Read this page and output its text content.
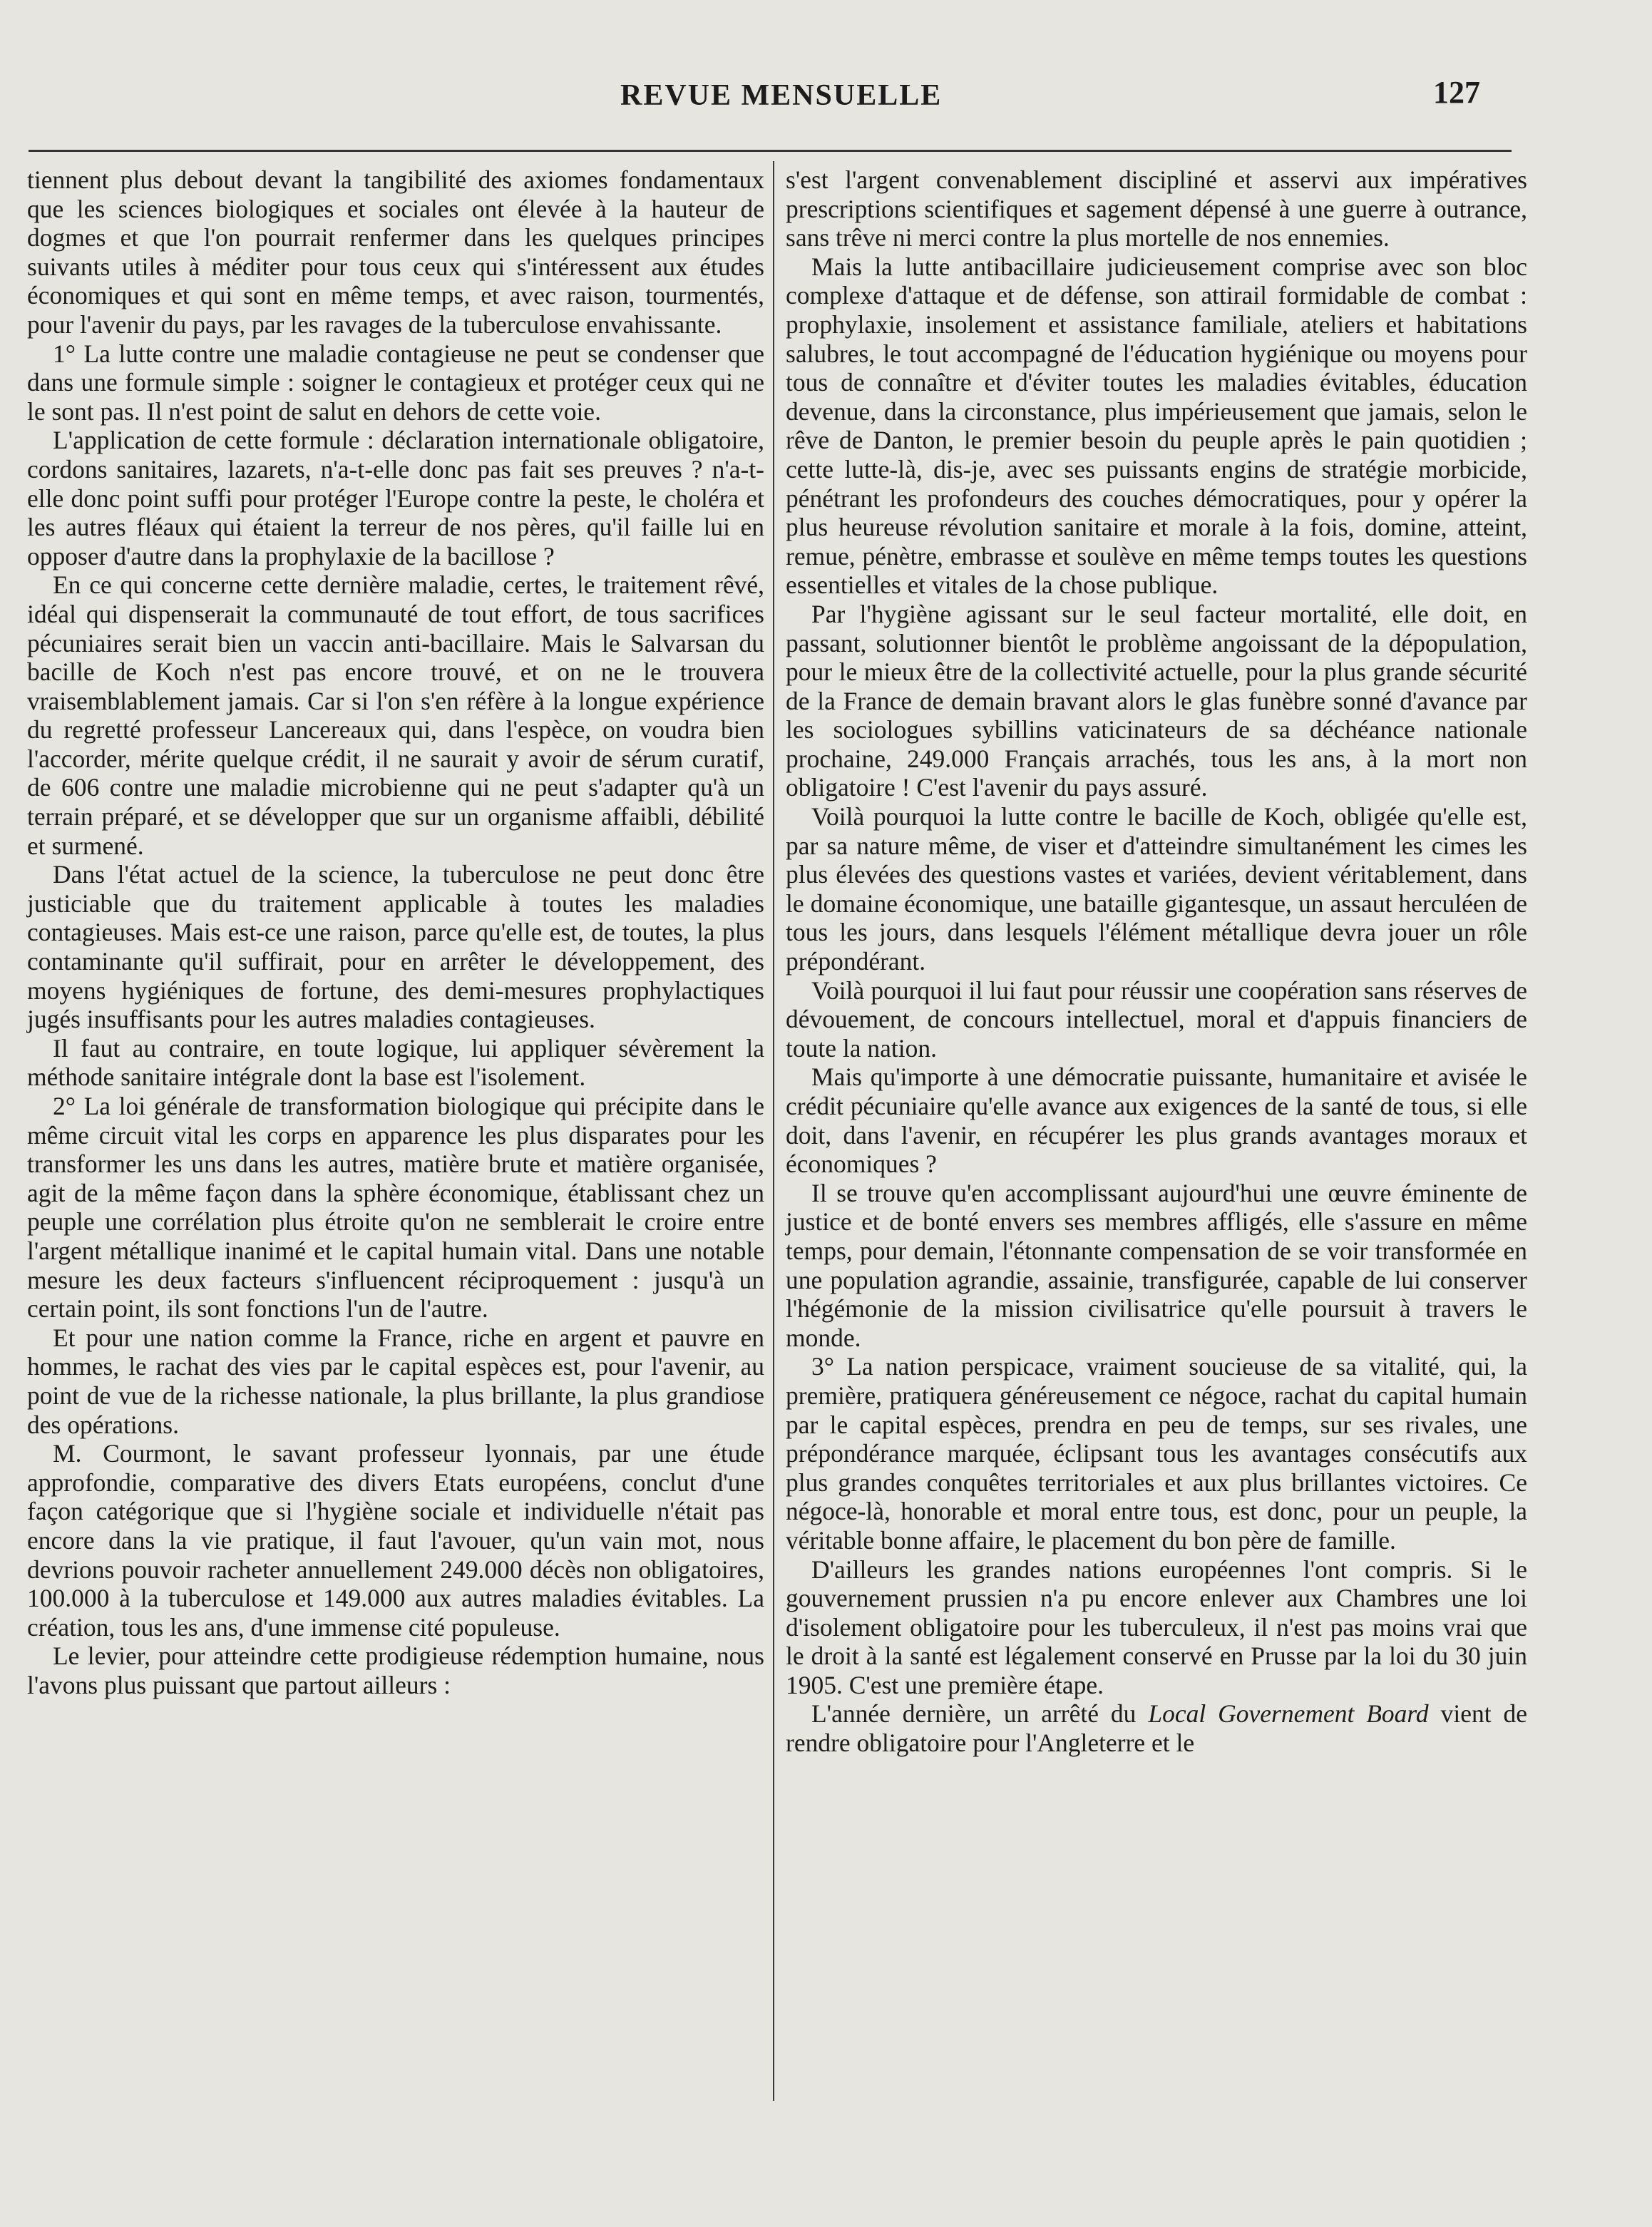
REVUE MENSUELLE	127

tiennent plus debout devant la tangibilité des axiomes fondamentaux que les sciences biologiques et sociales ont élevée à la hauteur de dogmes et que l'on pourrait renfermer dans les quelques principes suivants utiles à méditer pour tous ceux qui s'intéressent aux études économiques et qui sont en même temps, et avec raison, tourmentés, pour l'avenir du pays, par les ravages de la tuberculose envahissante.

1° La lutte contre une maladie contagieuse ne peut se condenser que dans une formule simple : soigner le contagieux et protéger ceux qui ne le sont pas. Il n'est point de salut en dehors de cette voie.

L'application de cette formule : déclaration internationale obligatoire, cordons sanitaires, lazarets, n'a-t-elle donc pas fait ses preuves ? n'a-t-elle donc point suffi pour protéger l'Europe contre la peste, le choléra et les autres fléaux qui étaient la terreur de nos pères, qu'il faille lui en opposer d'autre dans la prophylaxie de la bacillose ?

En ce qui concerne cette dernière maladie, certes, le traitement rêvé, idéal qui dispenserait la communauté de tout effort, de tous sacrifices pécuniaires serait bien un vaccin anti-bacillaire. Mais le Salvarsan du bacille de Koch n'est pas encore trouvé, et on ne le trouvera vraisemblablement jamais. Car si l'on s'en réfère à la longue expérience du regretté professeur Lancereaux qui, dans l'espèce, on voudra bien l'accorder, mérite quelque crédit, il ne saurait y avoir de sérum curatif, de 606 contre une maladie microbienne qui ne peut s'adapter qu'à un terrain préparé, et se développer que sur un organisme affaibli, débilité et surmené.

Dans l'état actuel de la science, la tuberculose ne peut donc être justiciable que du traitement applicable à toutes les maladies contagieuses. Mais est-ce une raison, parce qu'elle est, de toutes, la plus contaminante qu'il suffirait, pour en arrêter le développement, des moyens hygiéniques de fortune, des demi-mesures prophylactiques jugés insuffisants pour les autres maladies contagieuses.

Il faut au contraire, en toute logique, lui appliquer sévèrement la méthode sanitaire intégrale dont la base est l'isolement.

2° La loi générale de transformation biologique qui précipite dans le même circuit vital les corps en apparence les plus disparates pour les transformer les uns dans les autres, matière brute et matière organisée, agit de la même façon dans la sphère économique, établissant chez un peuple une corrélation plus étroite qu'on ne semblerait le croire entre l'argent métallique inanimé et le capital humain vital. Dans une notable mesure les deux facteurs s'influencent réciproquement : jusqu'à un certain point, ils sont fonctions l'un de l'autre.

Et pour une nation comme la France, riche en argent et pauvre en hommes, le rachat des vies par le capital espèces est, pour l'avenir, au point de vue de la richesse nationale, la plus brillante, la plus grandiose des opérations.

M. Courmont, le savant professeur lyonnais, par une étude approfondie, comparative des divers Etats européens, conclut d'une façon catégorique que si l'hygiène sociale et individuelle n'était pas encore dans la vie pratique, il faut l'avouer, qu'un vain mot, nous devrions pouvoir racheter annuellement 249.000 décès non obligatoires, 100.000 à la tuberculose et 149.000 aux autres maladies évitables. La création, tous les ans, d'une immense cité populeuse.

Le levier, pour atteindre cette prodigieuse rédemption humaine, nous l'avons plus puissant que partout ailleurs :

s'est l'argent convenablement discipliné et asservi aux impératives prescriptions scientifiques et sagement dépensé à une guerre à outrance, sans trêve ni merci contre la plus mortelle de nos ennemies.

Mais la lutte antibacillaire judicieusement comprise avec son bloc complexe d'attaque et de défense, son attirail formidable de combat : prophylaxie, insolement et assistance familiale, ateliers et habitations salubres, le tout accompagné de l'éducation hygiénique ou moyens pour tous de connaître et d'éviter toutes les maladies évitables, éducation devenue, dans la circonstance, plus impérieusement que jamais, selon le rêve de Danton, le premier besoin du peuple après le pain quotidien ; cette lutte-là, dis-je, avec ses puissants engins de stratégie morbicide, pénétrant les profondeurs des couches démocratiques, pour y opérer la plus heureuse révolution sanitaire et morale à la fois, domine, atteint, remue, pénètre, embrasse et soulève en même temps toutes les questions essentielles et vitales de la chose publique.

Par l'hygiène agissant sur le seul facteur mortalité, elle doit, en passant, solutionner bientôt le problème angoissant de la dépopulation, pour le mieux être de la collectivité actuelle, pour la plus grande sécurité de la France de demain bravant alors le glas funèbre sonné d'avance par les sociologues sybillins vaticinateurs de sa déchéance nationale prochaine, 249.000 Français arrachés, tous les ans, à la mort non obligatoire ! C'est l'avenir du pays assuré.

Voilà pourquoi la lutte contre le bacille de Koch, obligée qu'elle est, par sa nature même, de viser et d'atteindre simultanément les cimes les plus élevées des questions vastes et variées, devient véritablement, dans le domaine économique, une bataille gigantesque, un assaut herculéen de tous les jours, dans lesquels l'élément métallique devra jouer un rôle prépondérant.

Voilà pourquoi il lui faut pour réussir une coopération sans réserves de dévouement, de concours intellectuel, moral et d'appuis financiers de toute la nation.

Mais qu'importe à une démocratie puissante, humanitaire et avisée le crédit pécuniaire qu'elle avance aux exigences de la santé de tous, si elle doit, dans l'avenir, en récupérer les plus grands avantages moraux et économiques ?

Il se trouve qu'en accomplissant aujourd'hui une œuvre éminente de justice et de bonté envers ses membres affligés, elle s'assure en même temps, pour demain, l'étonnante compensation de se voir transformée en une population agrandie, assainie, transfigurée, capable de lui conserver l'hégémonie de la mission civilisatrice qu'elle poursuit à travers le monde.

3° La nation perspicace, vraiment soucieuse de sa vitalité, qui, la première, pratiquera généreusement ce négoce, rachat du capital humain par le capital espèces, prendra en peu de temps, sur ses rivales, une prépondérance marquée, éclipsant tous les avantages consécutifs aux plus grandes conquêtes territoriales et aux plus brillantes victoires. Ce négoce-là, honorable et moral entre tous, est donc, pour un peuple, la véritable bonne affaire, le placement du bon père de famille.

D'ailleurs les grandes nations européennes l'ont compris. Si le gouvernement prussien n'a pu encore enlever aux Chambres une loi d'isolement obligatoire pour les tuberculeux, il n'est pas moins vrai que le droit à la santé est légalement conservé en Prusse par la loi du 30 juin 1905. C'est une première étape.

L'année dernière, un arrêté du Local Governement Board vient de rendre obligatoire pour l'Angleterre et le
